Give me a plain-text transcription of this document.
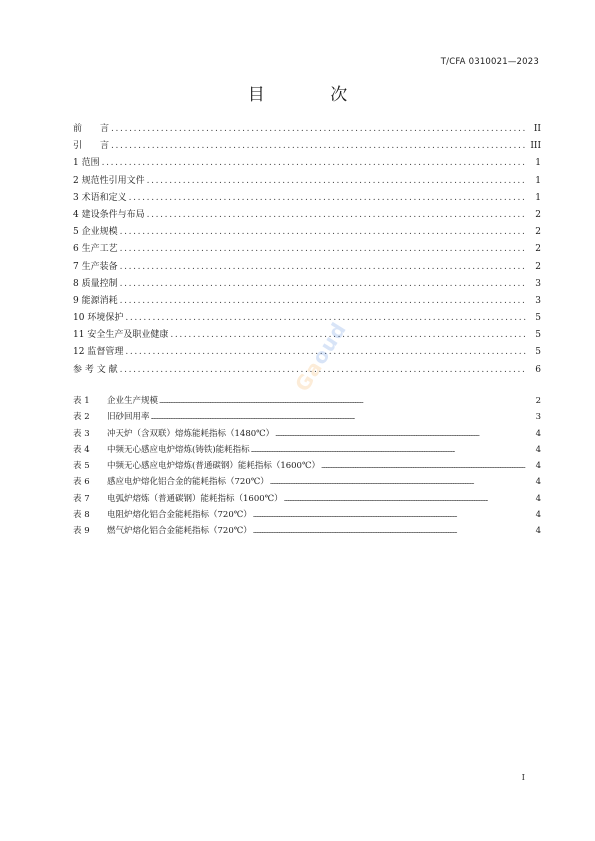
T/CFA 0310021—2023
目 次
前　　言 . . .	II
引　　言 . . .	III
1 范围 . . .	1
2 规范性引用文件 . . .	1
3 术语和定义 . . .	1
4 建设条件与布局 . . .	2
5 企业规模 . . .	2
6 生产工艺 . . .	2
7 生产装备 . . .	2
8 质量控制 . . .	3
9 能源消耗 . . .	3
10 环境保护 . . .	5
11 安全生产及职业健康 . . .	5
12 监督管理 . . .	5
参 考 文 献 . . .	6
表 1	企业生产规模 .....	2
表 2	旧砂回用率 .....	3
表 3	冲天炉（含双联）熔炼能耗指标（1480℃） .....	4
表 4	中频无心感应电炉熔炼(铸铁)能耗指标 .....	4
表 5	中频无心感应电炉熔炼(普通碳钢）能耗指标（1600℃） .....	4
表 6	感应电炉熔化铝合金的能耗指标（720℃） .....	4
表 7	电弧炉熔炼（普通碳钢）能耗指标（1600℃） .....	4
表 8	电阻炉熔化铝合金能耗指标（720℃） .....	4
表 9	燃气炉熔化铝合金能耗指标（720℃） .....	4
Gaoud
I
